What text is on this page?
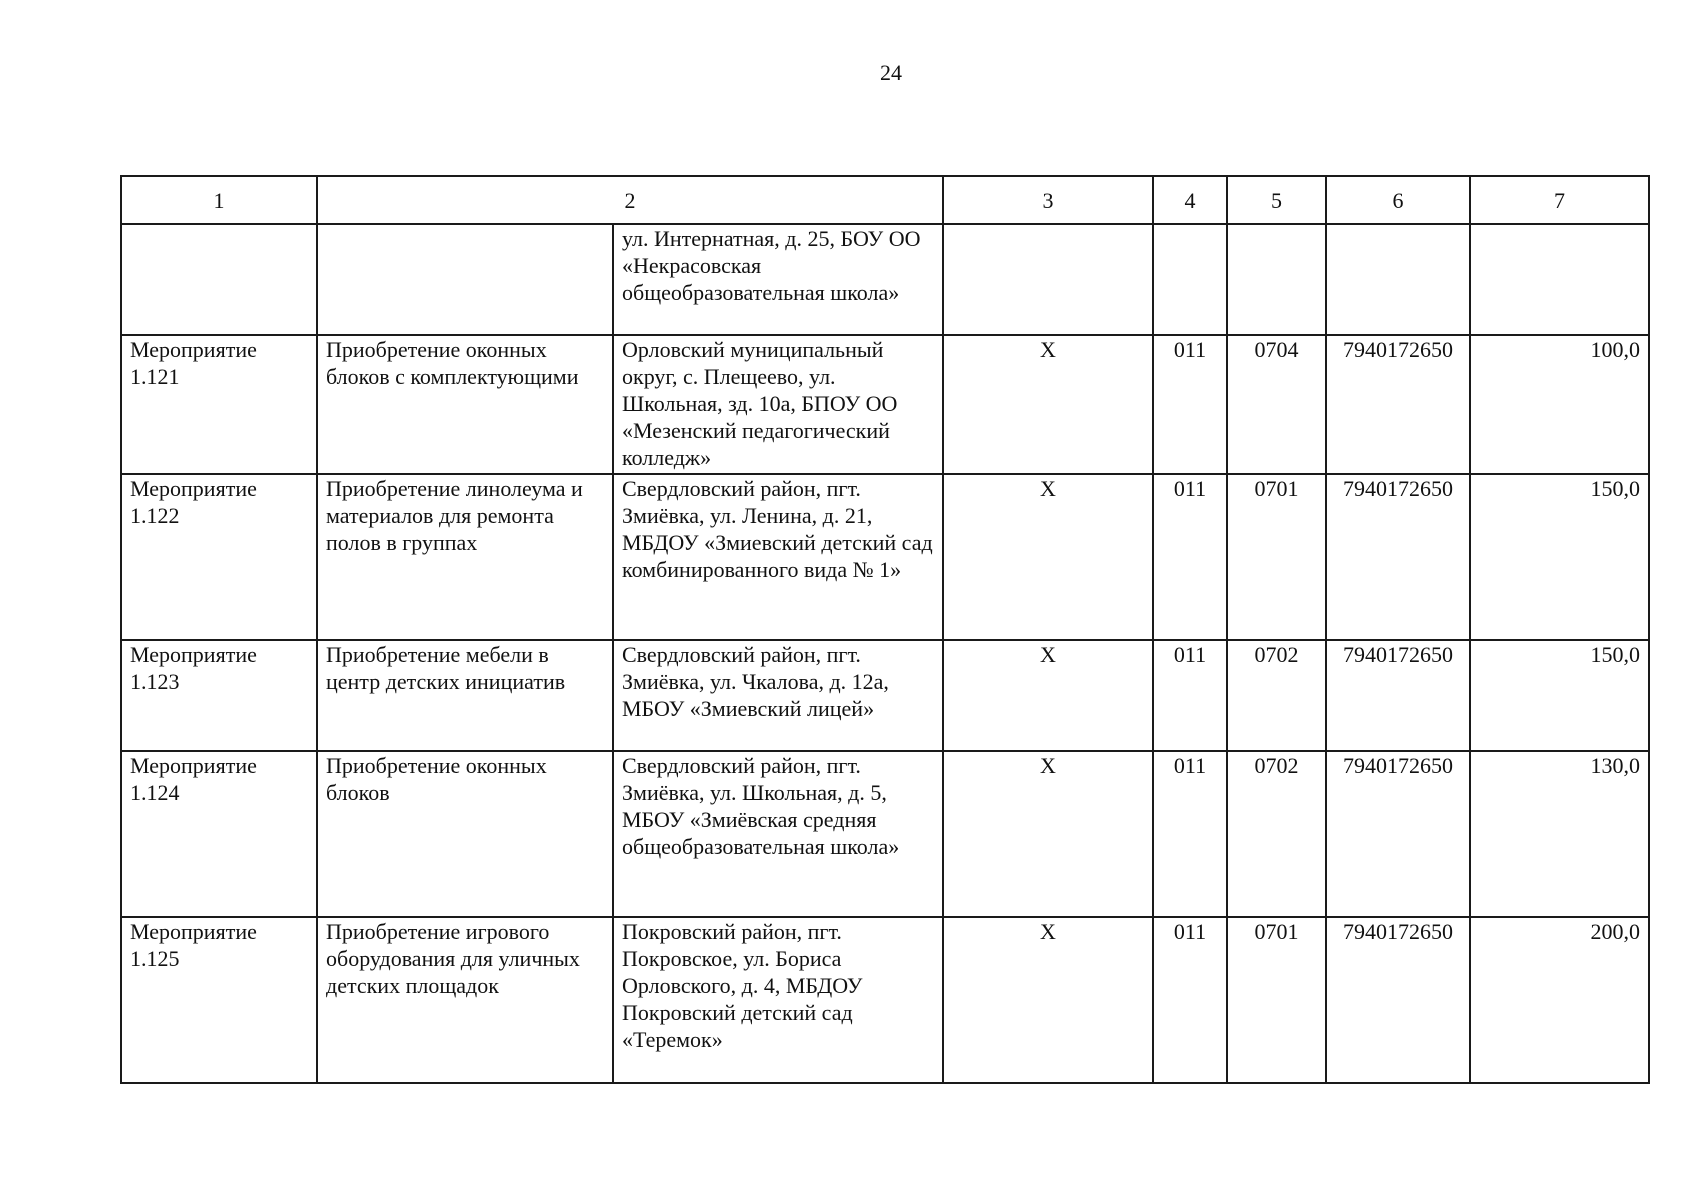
24
1	2		3	4	5	6	7
		ул. Интернатная, д. 25, БОУ ОО «Некрасовская общеобразовательная школа»					
Мероприятие 1.121	Приобретение оконных блоков с комплектующими	Орловский муниципальный округ, с. Плещеево, ул. Школьная, зд. 10а, БПОУ ОО «Мезенский педагогический колледж»	Х	011	0704	7940172650	100,0
Мероприятие 1.122	Приобретение линолеума и материалов для ремонта полов в группах	Свердловский район, пгт. Змиёвка, ул. Ленина, д. 21, МБДОУ «Змиевский детский сад комбинированного вида № 1»	Х	011	0701	7940172650	150,0
Мероприятие 1.123	Приобретение мебели в центр детских инициатив	Свердловский район, пгт. Змиёвка, ул. Чкалова, д. 12а, МБОУ «Змиевский лицей»	Х	011	0702	7940172650	150,0
Мероприятие 1.124	Приобретение оконных блоков	Свердловский район, пгт. Змиёвка, ул. Школьная, д. 5, МБОУ «Змиёвская средняя общеобразовательная школа»	Х	011	0702	7940172650	130,0
Мероприятие 1.125	Приобретение игрового оборудования для уличных детских площадок	Покровский район, пгт. Покровское, ул. Бориса Орловского, д. 4, МБДОУ Покровский детский сад «Теремок»	Х	011	0701	7940172650	200,0
